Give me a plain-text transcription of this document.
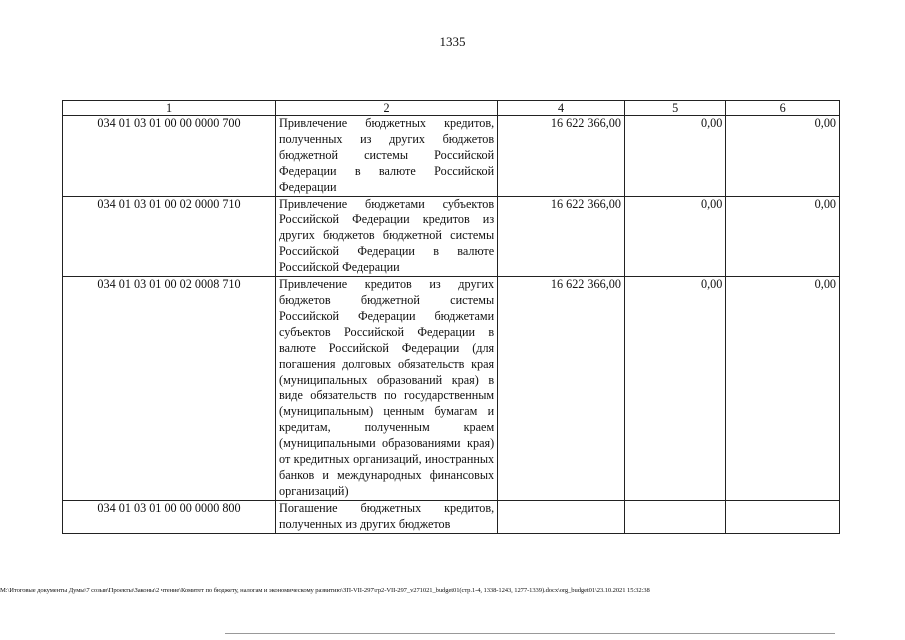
1335
1	2	4	5	6
034 01 03 01 00 00 0000 700	Привлечение бюджетных кредитов, полученных из других бюджетов бюджетной системы Российской Федерации в валюте Российской Федерации	16 622 366,00	0,00	0,00
034 01 03 01 00 02 0000 710	Привлечение бюджетами субъектов Российской Федерации кредитов из других бюджетов бюджетной системы Российской Федерации в валюте Российской Федерации	16 622 366,00	0,00	0,00
034 01 03 01 00 02 0008 710	Привлечение кредитов из других бюджетов бюджетной системы Российской Федерации бюджетами субъектов Российской Федерации в валюте Российской Федерации (для погашения долговых обязательств края (муниципальных образований края) в виде обязательств по государственным (муниципальным) ценным бумагам и кредитам, полученным краем (муниципальными образованиями края) от кредитных организаций, иностранных банков и международных финансовых организаций)	16 622 366,00	0,00	0,00
034 01 03 01 00 00 0000 800	Погашение бюджетных кредитов, полученных из других бюджетов			
M:\Итоговые документы Думы\7 созыв\Проекты\Законы\2 чтение\Комитет по бюджету, налогам и экономическому развитию\ЗП-VII-297\гр2-VII-297_v271021_budget01(стр.1-4, 1338-1243, 1277-1339).docx\org_budget01\23.10.2021 15:32:38
